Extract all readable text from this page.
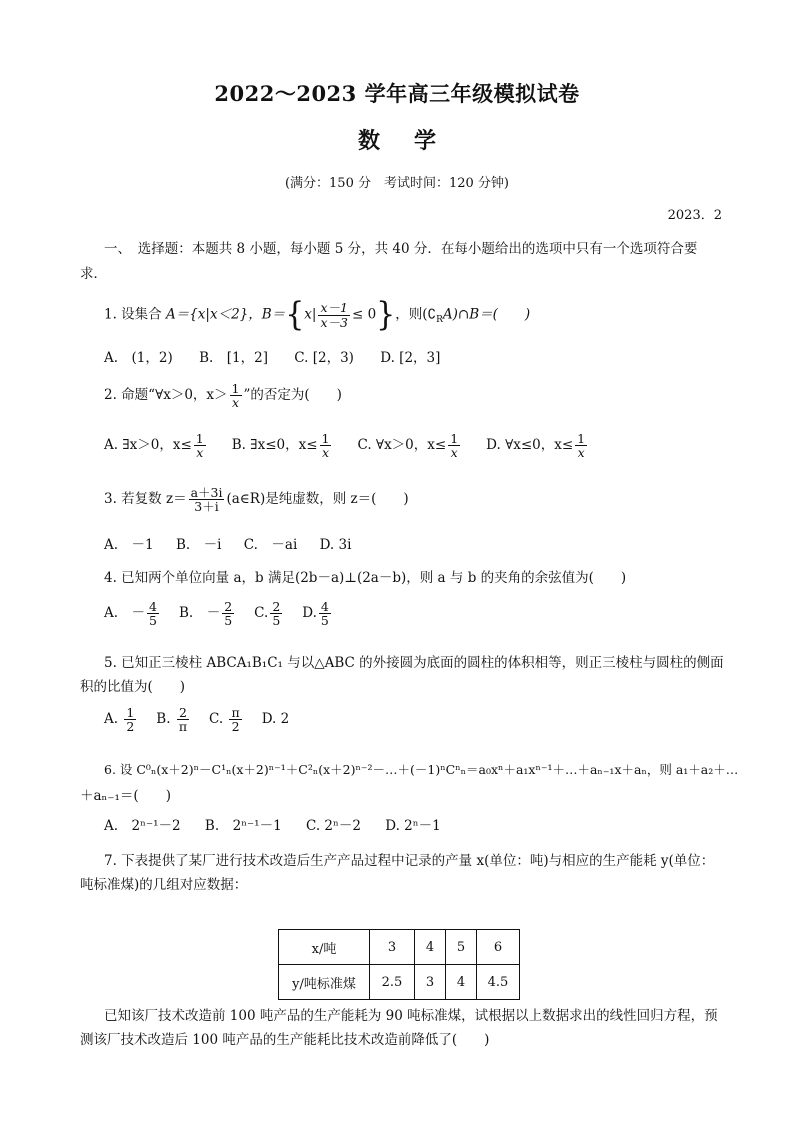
2022～2023 学年高三年级模拟试卷
数学
(满分：150 分　考试时间：120 分钟)
2023．2
一、　选择题：本题共 8 小题，每小题 5 分，共 40 分．在每小题给出的选项中只有一个选项符合要
求．
1. 设集合 A＝{x|x＜2}，$B=\{x| \frac{x-1}{x-3} \le 0\}$，则$(∁_RA)\cap B=$(　　)
A.　(1，2) B.　[1，2] C. [2，3) D. [2，3]
2. 命题“∀x＞0，$x> \frac{1}{x}$ ”的否定为(　　)
A. ∃x＞0，$x\le \frac{1}{x} B$. ∃x≤0，$x\le \frac{1}{x} C$. ∀x＞0，$x\le \frac{1}{x} D$. ∀x≤0，$x\le \frac{1}{x}$
3. 若复数 $z= \frac{a+3i}{3+i}$ (a∈R)是纯虚数，则 z＝(　　)
A.　－1 B.　－i C.　－ai D. 3i
4. 已知两个单位向量 a，b 满足(2b－a)⊥(2a－b)，则 a 与 b 的夹角的余弦值为(　　)
A.　－ $\frac{4}{5} B$.　－ $\frac{2}{5} C$. $\frac{2}{5} D$. $\frac{4}{5}$
5. 已知正三棱柱 ABCA₁B₁C₁ 与以△ABC 的外接圆为底面的圆柱的体积相等，则正三棱柱与圆柱的侧面
积的比值为(　　)
A. $\frac{1}{2} B$. $\frac{2}{\pi} C$. $\frac{\pi}{2} D$. 2
6. 设 C⁰ₙ(x＋2)ⁿ－C¹ₙ(x＋2)ⁿ⁻¹＋C²ₙ(x＋2)ⁿ⁻²－…＋(－1)ⁿCⁿₙ＝a₀xⁿ＋a₁xⁿ⁻¹＋…＋aₙ₋₁x＋aₙ，则 a₁＋a₂＋…
＋aₙ₋₁＝(　　)
A.　2ⁿ⁻¹－2 B.　2ⁿ⁻¹－1 C. 2ⁿ－2 D. 2ⁿ－1
7. 下表提供了某厂进行技术改造后生产产品过程中记录的产量 x(单位：吨)与相应的生产能耗 y(单位：
吨标准煤)的几组对应数据：
x/吨	3	4	5	6
y/吨标准煤	2.5	3	4	4.5
已知该厂技术改造前 100 吨产品的生产能耗为 90 吨标准煤，试根据以上数据求出的线性回归方程，预
测该厂技术改造后 100 吨产品的生产能耗比技术改造前降低了(　　)
